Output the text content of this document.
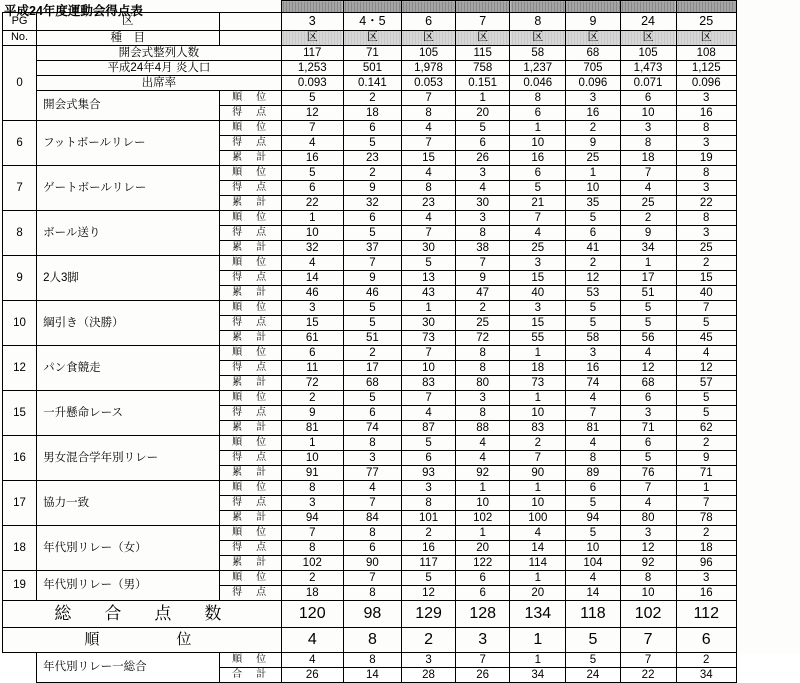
平成24年度運動会得点表

PG	区		3	4・5	6	7	8	9	24	25
No.	種　目		区	区	区	区	区	区	区	区
0	開会式整列人数		117	71	105	115	58	68	105	108
	平成24年4月 炎人口		1,253	501	1,978	758	1,237	705	1,473	1,125
	出席率		0.093	0.141	0.053	0.151	0.046	0.096	0.071	0.096
	開会式集合	順　位	5	2	7	1	8	3	6	3
		得　点	12	18	8	20	6	16	10	16
6	フットボールリレー	順　位	7	6	4	5	1	2	3	8
		得　点	4	5	7	6	10	9	8	3
		累　計	16	23	15	26	16	25	18	19
7	ゲートボールリレー	順　位	5	2	4	3	6	1	7	8
		得　点	6	9	8	4	5	10	4	3
		累　計	22	32	23	30	21	35	25	22
8	ボール送り	順　位	1	6	4	3	7	5	2	8
		得　点	10	5	7	8	4	6	9	3
		累　計	32	37	30	38	25	41	34	25
9	2人3脚	順　位	4	7	5	7	3	2	1	2
		得　点	14	9	13	9	15	12	17	15
		累　計	46	46	43	47	40	53	51	40
10	綱引き（決勝）	順　位	3	5	1	2	3	5	5	7
		得　点	15	5	30	25	15	5	5	5
		累　計	61	51	73	72	55	58	56	45
12	パン食競走	順　位	6	2	7	8	1	3	4	4
		得　点	11	17	10	8	18	16	12	12
		累　計	72	68	83	80	73	74	68	57
15	一升懸命レース	順　位	2	5	7	3	1	4	6	5
		得　点	9	6	4	8	10	7	3	5
		累　計	81	74	87	88	83	81	71	62
16	男女混合学年別リレー	順　位	1	8	5	4	2	4	6	2
		得　点	10	3	6	4	7	8	5	9
		累　計	91	77	93	92	90	89	76	71
17	協力一致	順　位	8	4	3	1	1	6	7	1
		得　点	3	7	8	10	10	5	4	7
		累　計	94	84	101	102	100	94	80	78
18	年代別リレー（女）	順　位	7	8	2	1	4	5	3	2
		得　点	8	6	16	20	14	10	12	18
		累　計	102	90	117	122	114	104	92	96
19	年代別リレー（男）	順　位	2	7	5	6	1	4	8	3
		得　点	18	8	12	6	20	14	10	16
総　合　点　数			120	98	129	128	134	118	102	112
順　　　位			4	8	2	3	1	5	7	6
	年代別リレー一総合	順　位	4	8	3	7	1	5	7	2
		合　計	26	14	28	26	34	24	22	34
